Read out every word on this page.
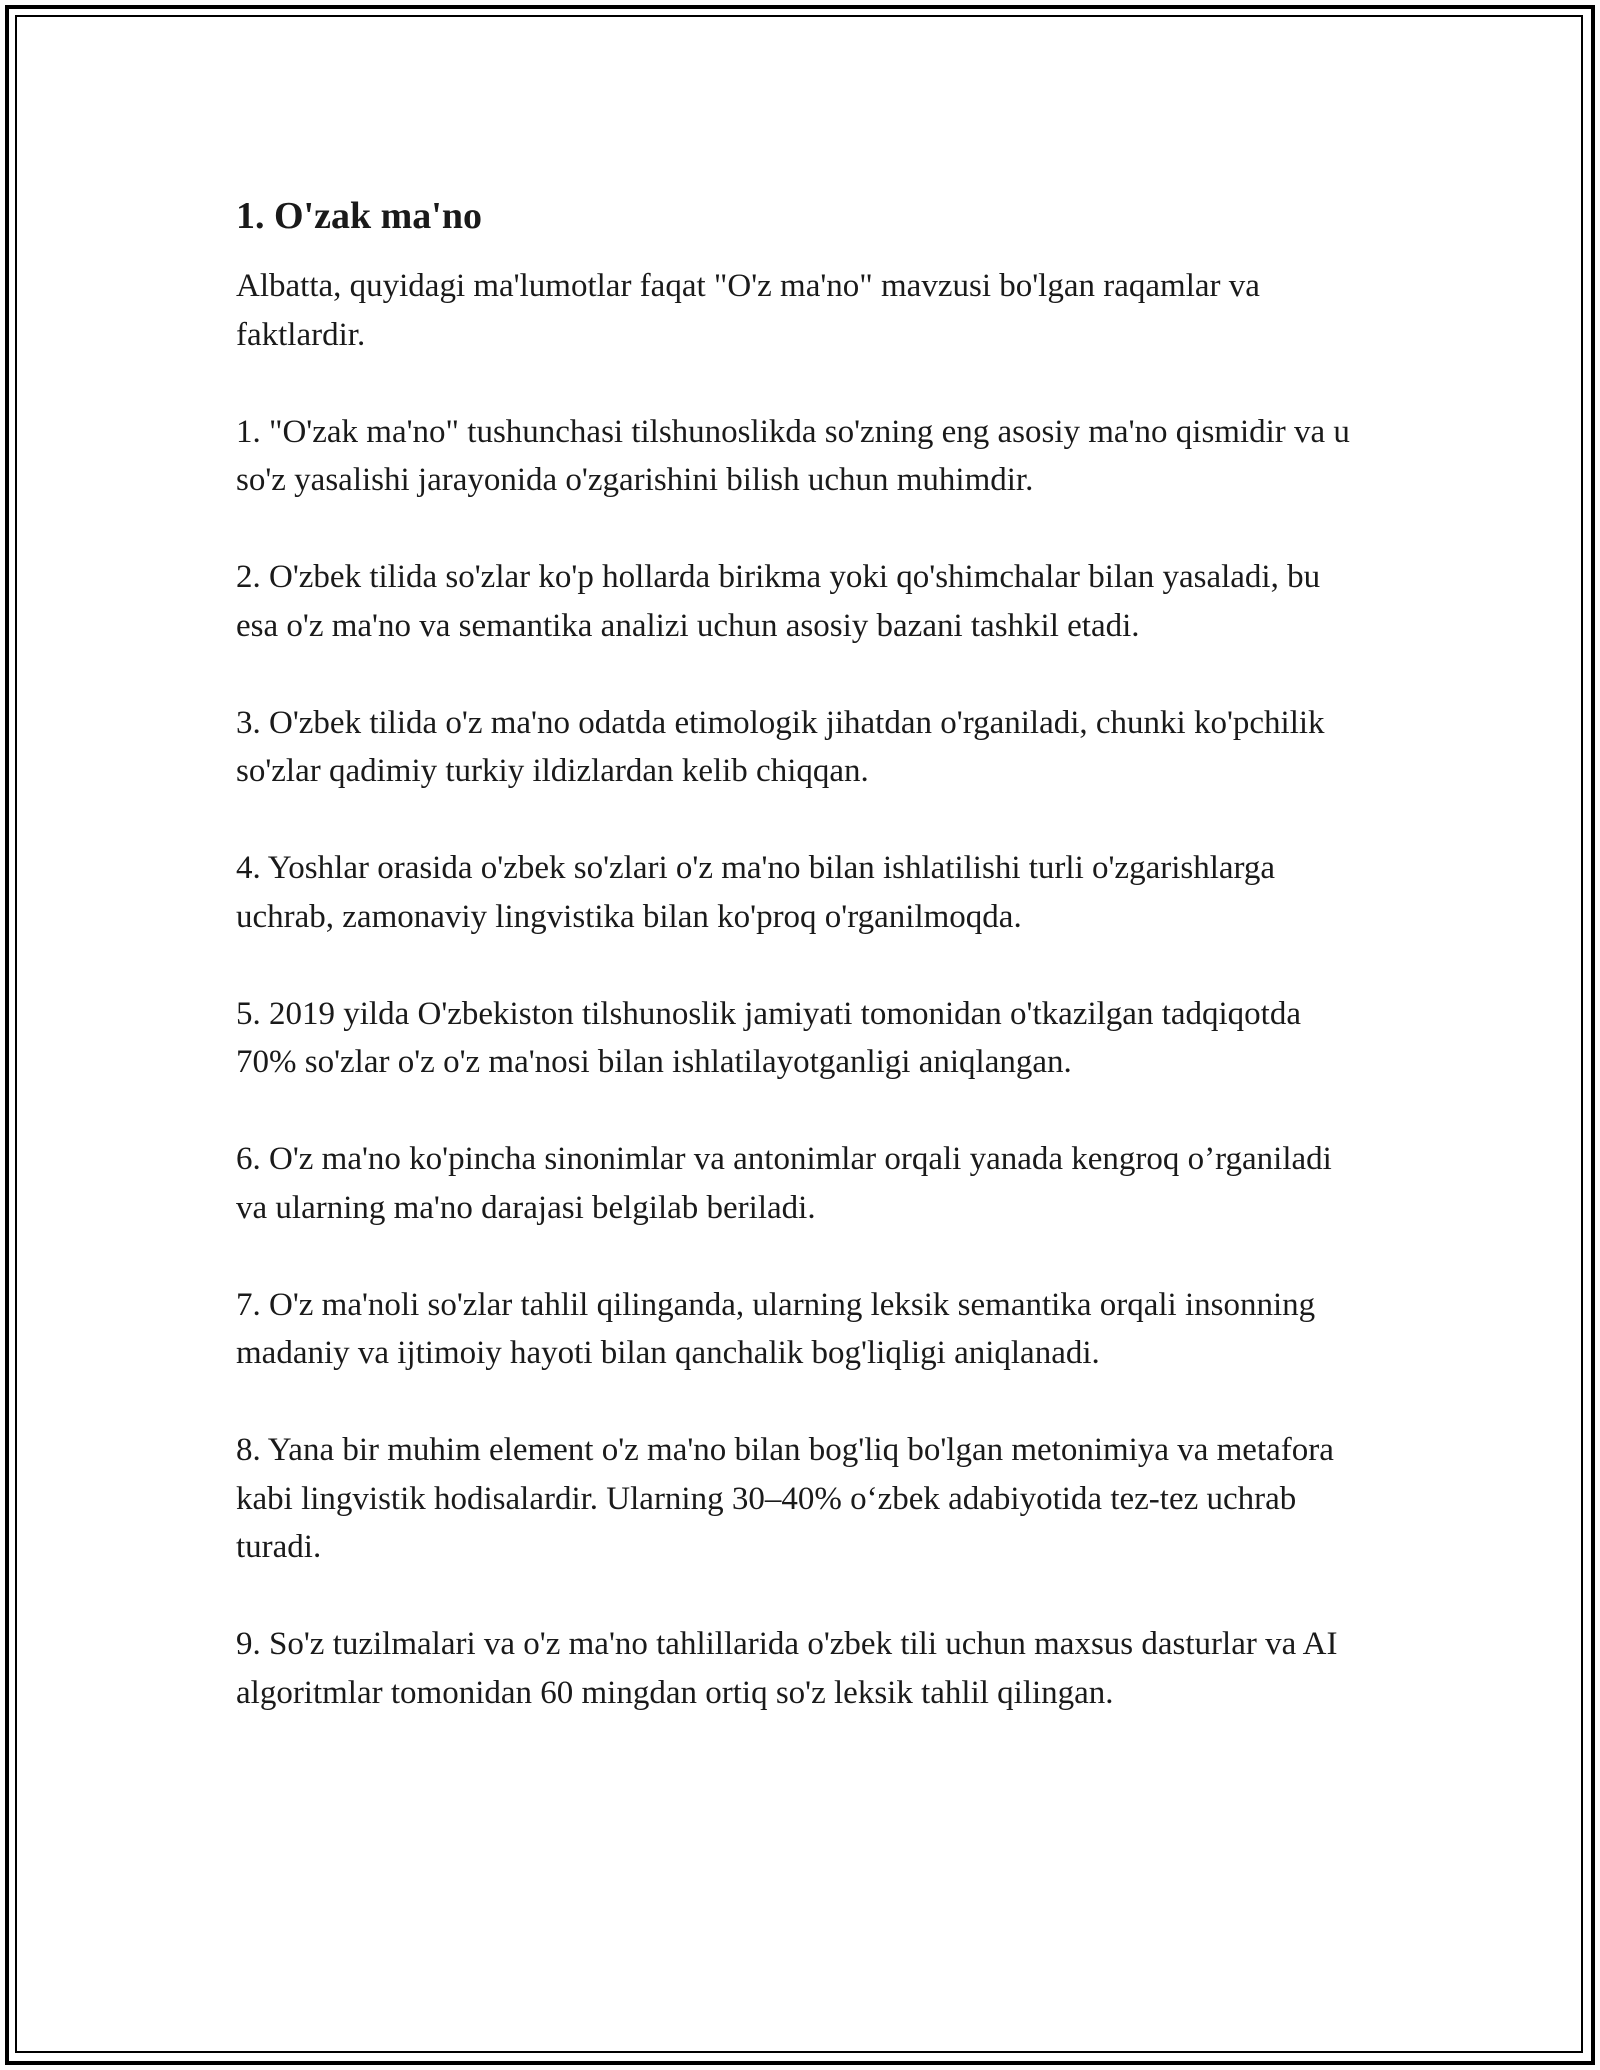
1. O'zak ma'no

Albatta, quyidagi ma'lumotlar faqat "O'z ma'no" mavzusi bo'lgan raqamlar va faktlardir.

1. "O'zak ma'no" tushunchasi tilshunoslikda so'zning eng asosiy ma'no qismidir va u so'z yasalishi jarayonida o'zgarishini bilish uchun muhimdir.

2. O'zbek tilida so'zlar ko'p hollarda birikma yoki qo'shimchalar bilan yasaladi, bu esa o'z ma'no va semantika analizi uchun asosiy bazani tashkil etadi.

3. O'zbek tilida o'z ma'no odatda etimologik jihatdan o'rganiladi, chunki ko'pchilik so'zlar qadimiy turkiy ildizlardan kelib chiqqan.

4. Yoshlar orasida o'zbek so'zlari o'z ma'no bilan ishlatilishi turli o'zgarishlarga uchrab, zamonaviy lingvistika bilan ko'proq o'rganilmoqda.

5. 2019 yilda O'zbekiston tilshunoslik jamiyati tomonidan o'tkazilgan tadqiqotda 70% so'zlar o'z o'z ma'nosi bilan ishlatilayotganligi aniqlangan.

6. O'z ma'no ko'pincha sinonimlar va antonimlar orqali yanada kengroq o’rganiladi va ularning ma'no darajasi belgilab beriladi.

7. O'z ma'noli so'zlar tahlil qilinganda, ularning leksik semantika orqali insonning madaniy va ijtimoiy hayoti bilan qanchalik bog'liqligi aniqlanadi.

8. Yana bir muhim element o'z ma'no bilan bog'liq bo'lgan metonimiya va metafora kabi lingvistik hodisalardir. Ularning 30–40% o‘zbek adabiyotida tez-tez uchrab turadi.

9. So'z tuzilmalari va o'z ma'no tahlillarida o'zbek tili uchun maxsus dasturlar va AI algoritmlar tomonidan 60 mingdan ortiq so'z leksik tahlil qilingan.
